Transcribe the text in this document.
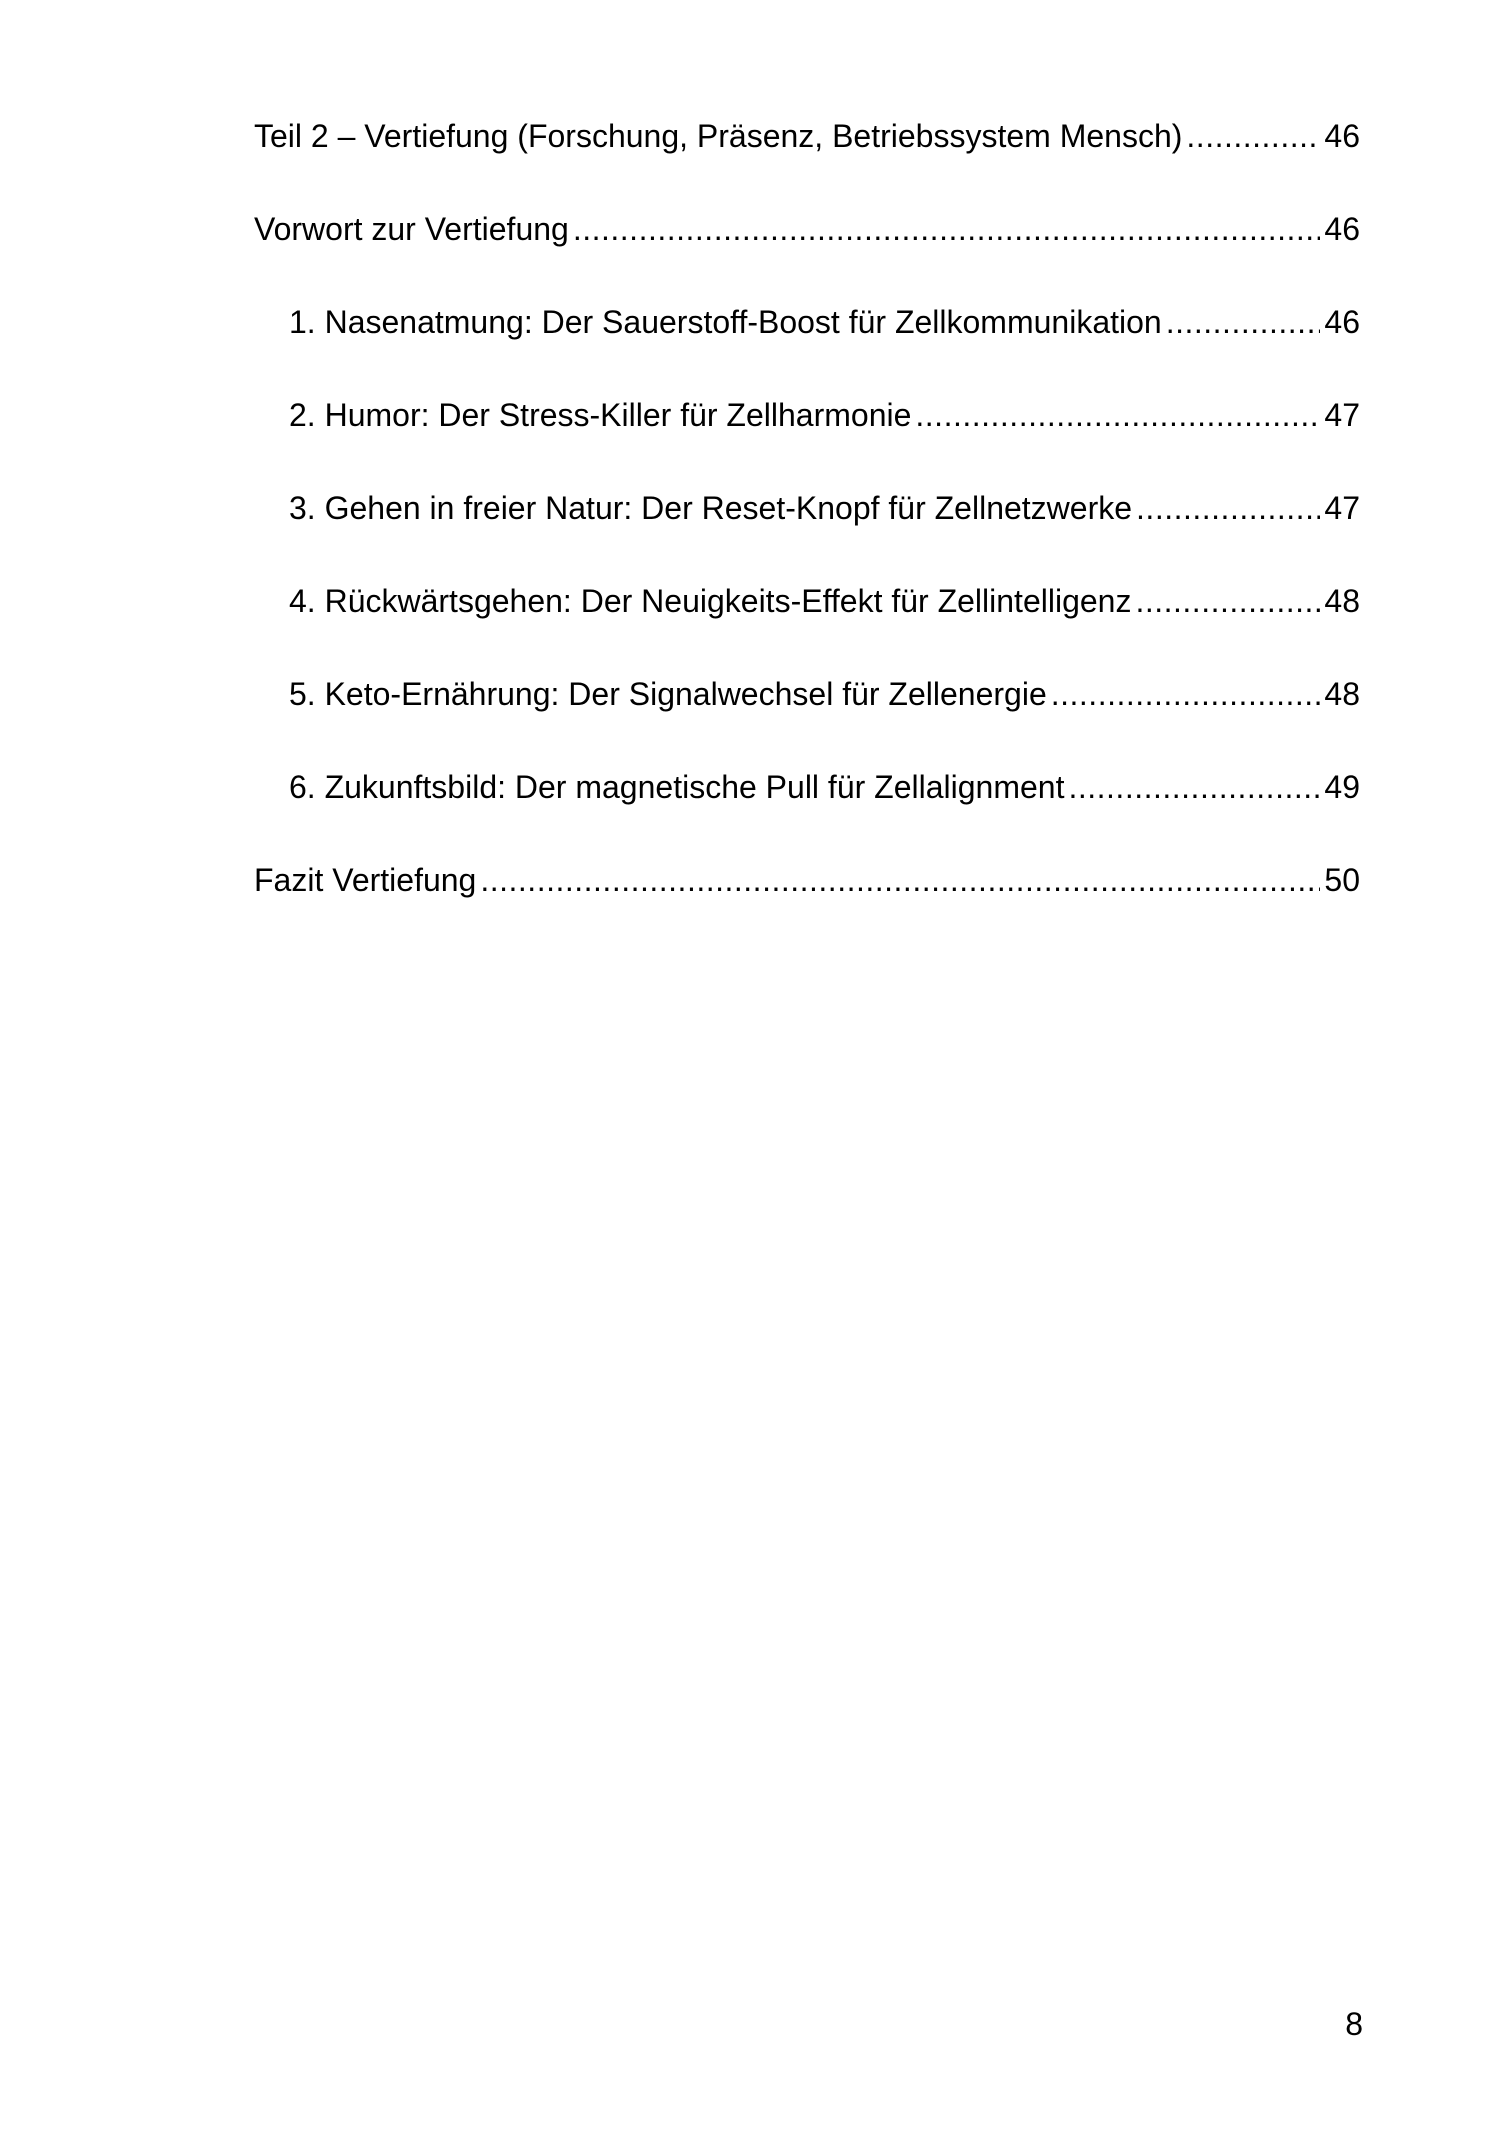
Teil 2 – Vertiefung (Forschung, Präsenz, Betriebssystem Mensch) .....	46
Vorwort zur Vertiefung .....	46
1. Nasenatmung: Der Sauerstoff-Boost für Zellkommunikation .....	46
2. Humor: Der Stress-Killer für Zellharmonie .....	47
3. Gehen in freier Natur: Der Reset-Knopf für Zellnetzwerke .....	47
4. Rückwärtsgehen: Der Neuigkeits-Effekt für Zellintelligenz .....	48
5. Keto-Ernährung: Der Signalwechsel für Zellenergie .....	48
6. Zukunftsbild: Der magnetische Pull für Zellalignment .....	49
Fazit Vertiefung .....	50
8
